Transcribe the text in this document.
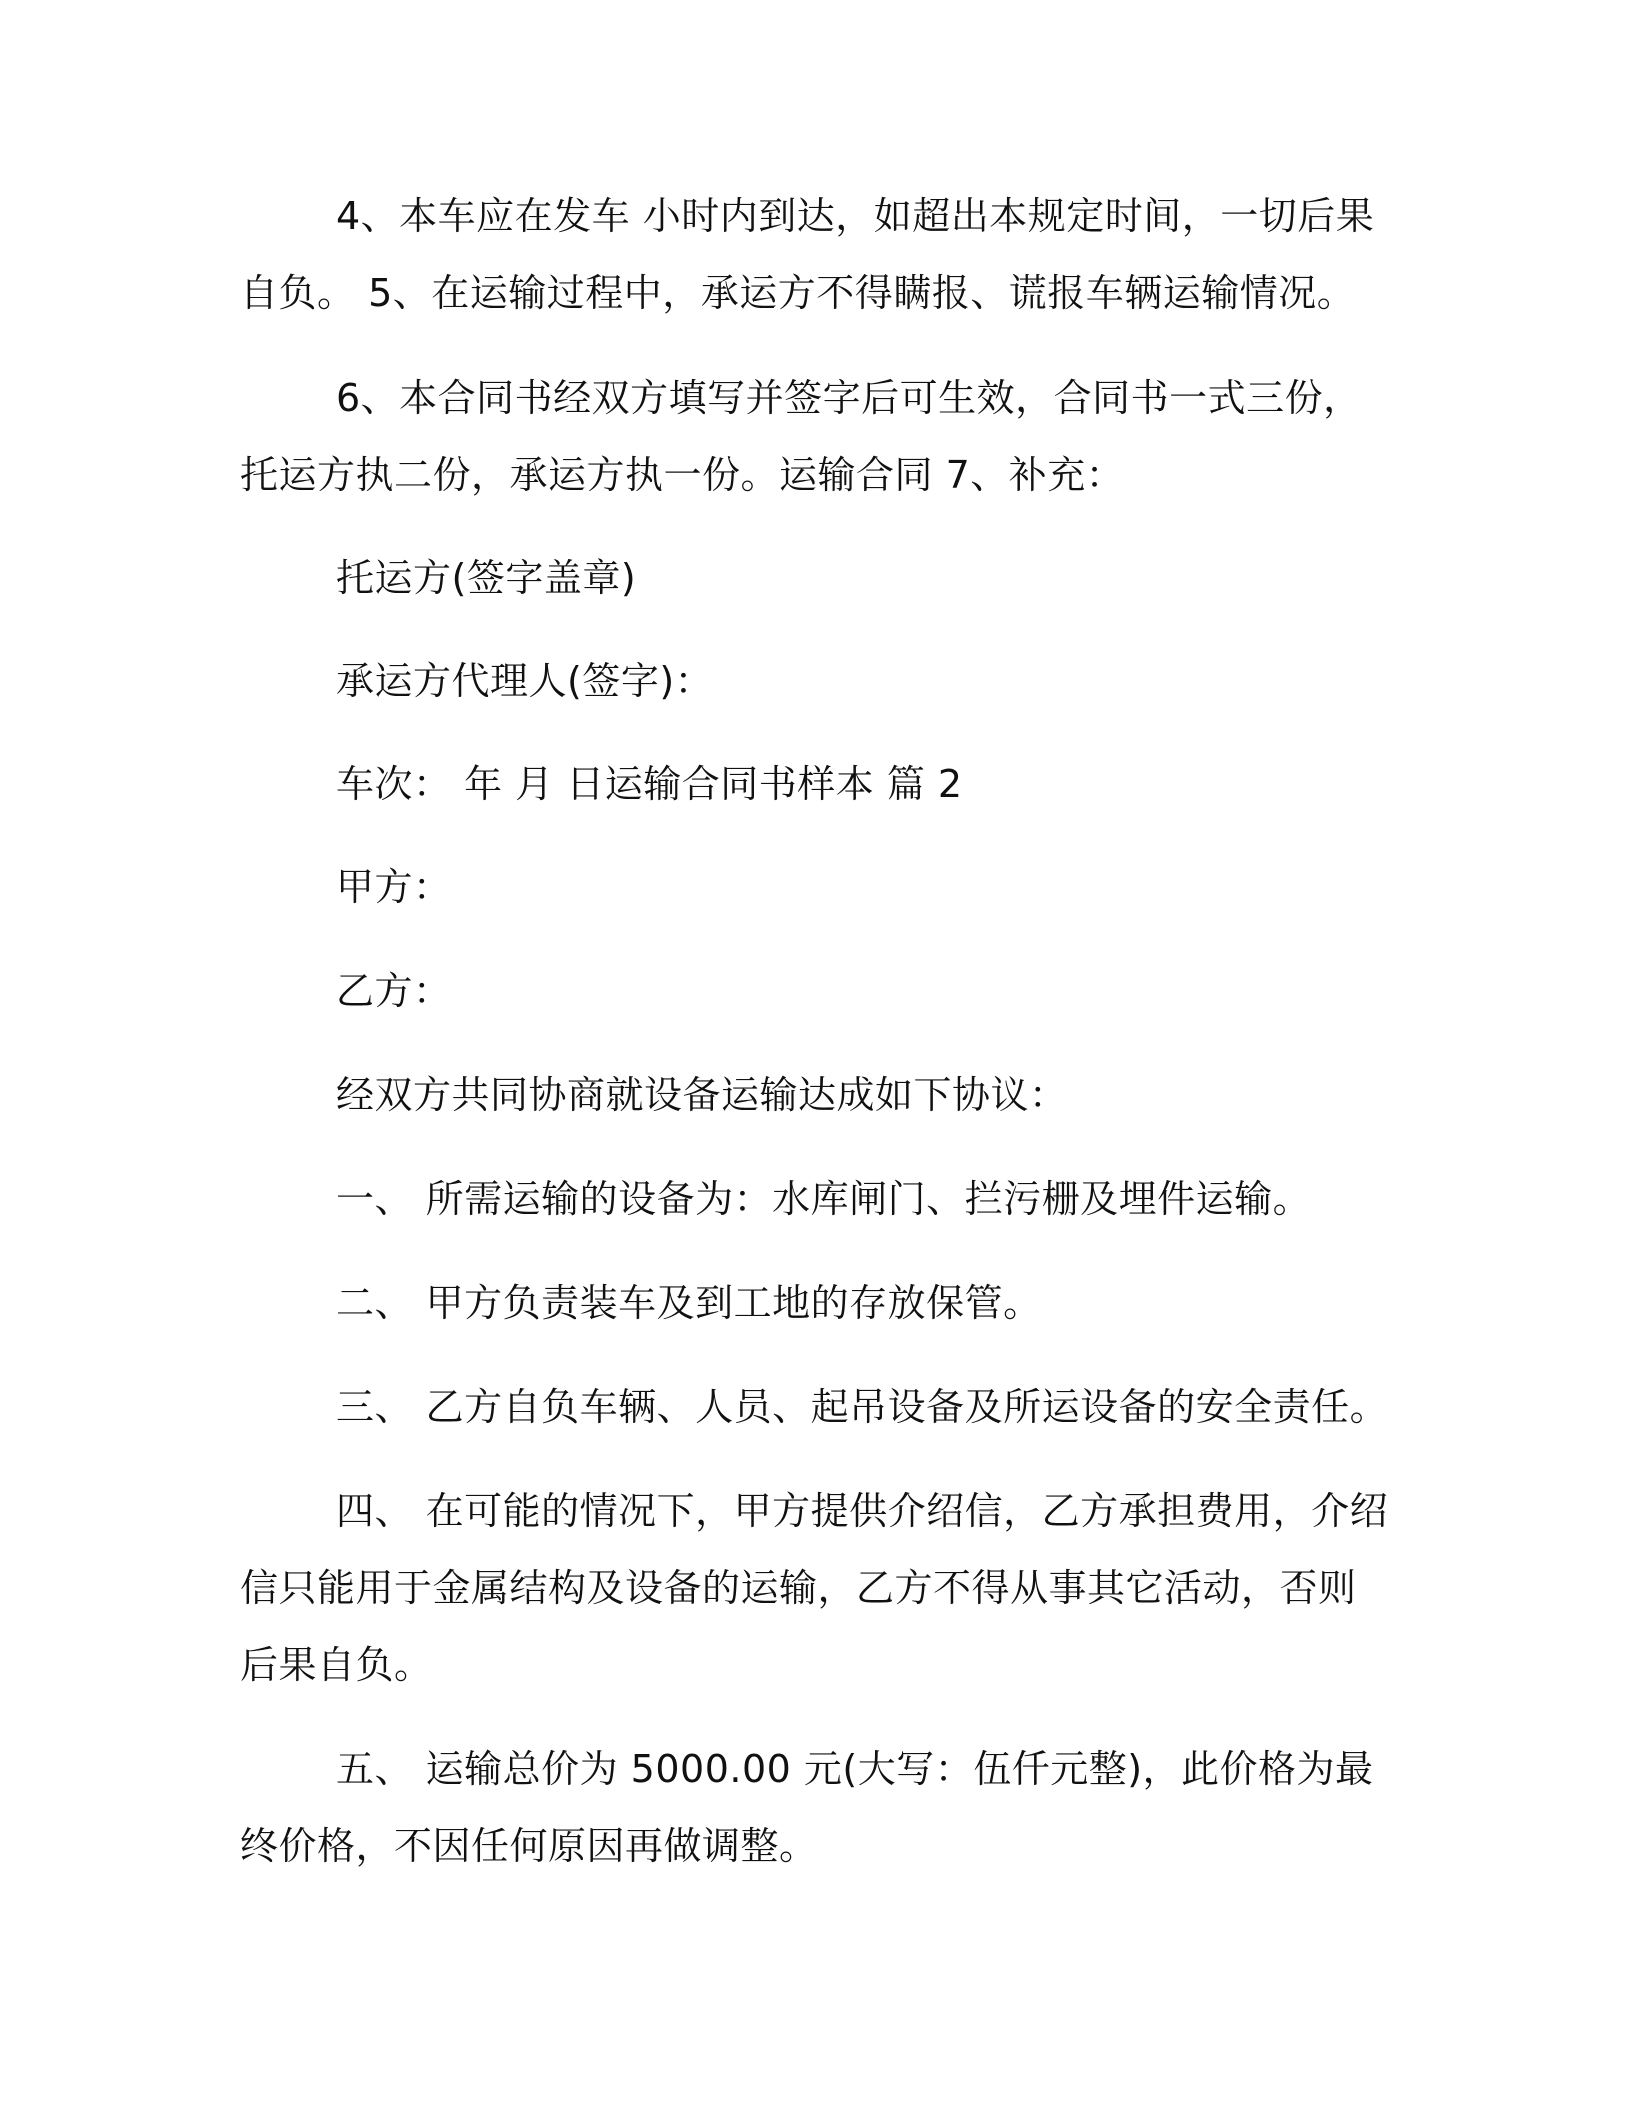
4、本车应在发车 小时内到达，如超出本规定时间，一切后果自负。 5、在运输过程中，承运方不得瞒报、谎报车辆运输情况。

6、本合同书经双方填写并签字后可生效，合同书一式三份，托运方执二份，承运方执一份。运输合同 7、补充：

托运方(签字盖章)

承运方代理人(签字)：

车次： 年 月 日运输合同书样本 篇 2

甲方：

乙方：

经双方共同协商就设备运输达成如下协议：

一、 所需运输的设备为：水库闸门、拦污栅及埋件运输。

二、 甲方负责装车及到工地的存放保管。

三、 乙方自负车辆、人员、起吊设备及所运设备的安全责任。

四、 在可能的情况下，甲方提供介绍信，乙方承担费用，介绍信只能用于金属结构及设备的运输，乙方不得从事其它活动，否则后果自负。

五、 运输总价为 5000.00 元(大写：伍仟元整)，此价格为最终价格，不因任何原因再做调整。
